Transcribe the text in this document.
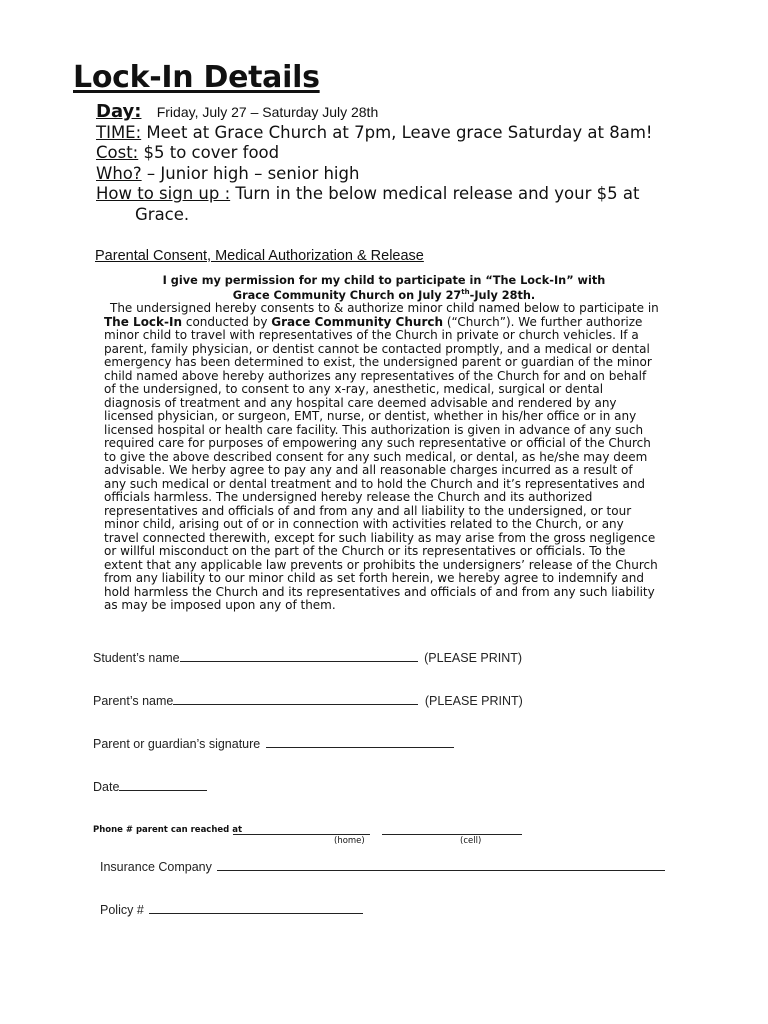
Lock-In Details
Day: Friday, July 27 – Saturday July 28th
TIME: Meet at Grace Church at 7pm, Leave grace Saturday at 8am!
Cost: $5 to cover food
Who? – Junior high – senior high
How to sign up : Turn in the below medical release and your $5 at
Grace.
Parental Consent, Medical Authorization & Release
I give my permission for my child to participate in “The Lock-In” with
Grace Community Church on July 27th-July 28th.
The undersigned hereby consents to & authorize minor child named below to participate in
The Lock-In conducted by Grace Community Church (“Church”). We further authorize
minor child to travel with representatives of the Church in private or church vehicles. If a
parent, family physician, or dentist cannot be contacted promptly, and a medical or dental
emergency has been determined to exist, the undersigned parent or guardian of the minor
child named above hereby authorizes any representatives of the Church for and on behalf
of the undersigned, to consent to any x-ray, anesthetic, medical, surgical or dental
diagnosis of treatment and any hospital care deemed advisable and rendered by any
licensed physician, or surgeon, EMT, nurse, or dentist, whether in his/her office or in any
licensed hospital or health care facility. This authorization is given in advance of any such
required care for purposes of empowering any such representative or official of the Church
to give the above described consent for any such medical, or dental, as he/she may deem
advisable. We herby agree to pay any and all reasonable charges incurred as a result of
any such medical or dental treatment and to hold the Church and it’s representatives and
officials harmless. The undersigned hereby release the Church and its authorized
representatives and officials of and from any and all liability to the undersigned, or tour
minor child, arising out of or in connection with activities related to the Church, or any
travel connected therewith, except for such liability as may arise from the gross negligence
or willful misconduct on the part of the Church or its representatives or officials. To the
extent that any applicable law prevents or prohibits the undersigners’ release of the Church
from any liability to our minor child as set forth herein, we hereby agree to indemnify and
hold harmless the Church and its representatives and officials of and from any such liability
as may be imposed upon any of them.
Student’s name	(PLEASE PRINT)
Parent’s name	(PLEASE PRINT)
Parent or guardian’s signature
Date
Phone # parent can reached at
(home)	(cell)
Insurance Company
Policy #
